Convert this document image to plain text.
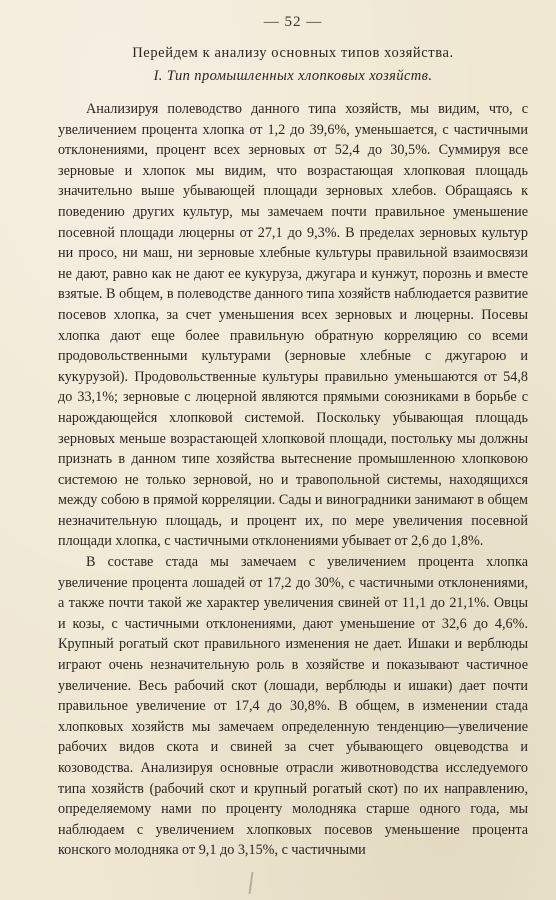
— 52 —
Перейдем к анализу основных типов хозяйства.
I. Тип промышленных хлопковых хозяйств.

Анализируя полеводство данного типа хозяйств, мы видим, что, с увеличением процента хлопка от 1,2 до 39,6%, уменьшается, с частичными отклонениями, процент всех зерновых от 52,4 до 30,5%. Суммируя все зерновые и хлопок мы видим, что возрастающая хлопковая площадь значительно выше убывающей площади зерновых хлебов. Обращаясь к поведению других культур, мы замечаем почти правильное уменьшение посевной площади люцерны от 27,1 до 9,3%. В пределах зерновых культур ни просо, ни маш, ни зерновые хлебные культуры правильной взаимосвязи не дают, равно как не дают ее кукуруза, джугара и кунжут, порознь и вместе взятые. В общем, в полеводстве данного типа хозяйств наблюдается развитие посевов хлопка, за счет уменьшения всех зерновых и люцерны. Посевы хлопка дают еще более правильную обратную корреляцию со всеми продовольственными культурами (зерновые хлебные с джугарою и кукурузой). Продовольственные культуры правильно уменьшаются от 54,8 до 33,1%; зерновые с люцерной являются прямыми союзниками в борьбе с нарождающейся хлопковой системой. Поскольку убывающая площадь зерновых меньше возрастающей хлопковой площади, постольку мы должны признать в данном типе хозяйства вытеснение промышленною хлопковою системою не только зерновой, но и травопольной системы, находящихся между собою в прямой корреляции. Сады и виноградники занимают в общем незначительную площадь, и процент их, по мере увеличения посевной площади хлопка, с частичными отклонениями убывает от 2,6 до 1,8%.

В составе стада мы замечаем с увеличением процента хлопка увеличение процента лошадей от 17,2 до 30%, с частичными отклонениями, а также почти такой же характер увеличения свиней от 11,1 до 21,1%. Овцы и козы, с частичными отклонениями, дают уменьшение от 32,6 до 4,6%. Крупный рогатый скот правильного изменения не дает. Ишаки и верблюды играют очень незначительную роль в хозяйстве и показывают частичное увеличение. Весь рабочий скот (лошади, верблюды и ишаки) дает почти правильное увеличение от 17,4 до 30,8%. В общем, в изменении стада хлопковых хозяйств мы замечаем определенную тенденцию—увеличение рабочих видов скота и свиней за счет убывающего овцеводства и козоводства. Анализируя основные отрасли животноводства исследуемого типа хозяйств (рабочий скот и крупный рогатый скот) по их направлению, определяемому нами по проценту молодняка старше одного года, мы наблюдаем с увеличением хлопковых посевов уменьшение процента конского молодняка от 9,1 до 3,15%, с частичными
